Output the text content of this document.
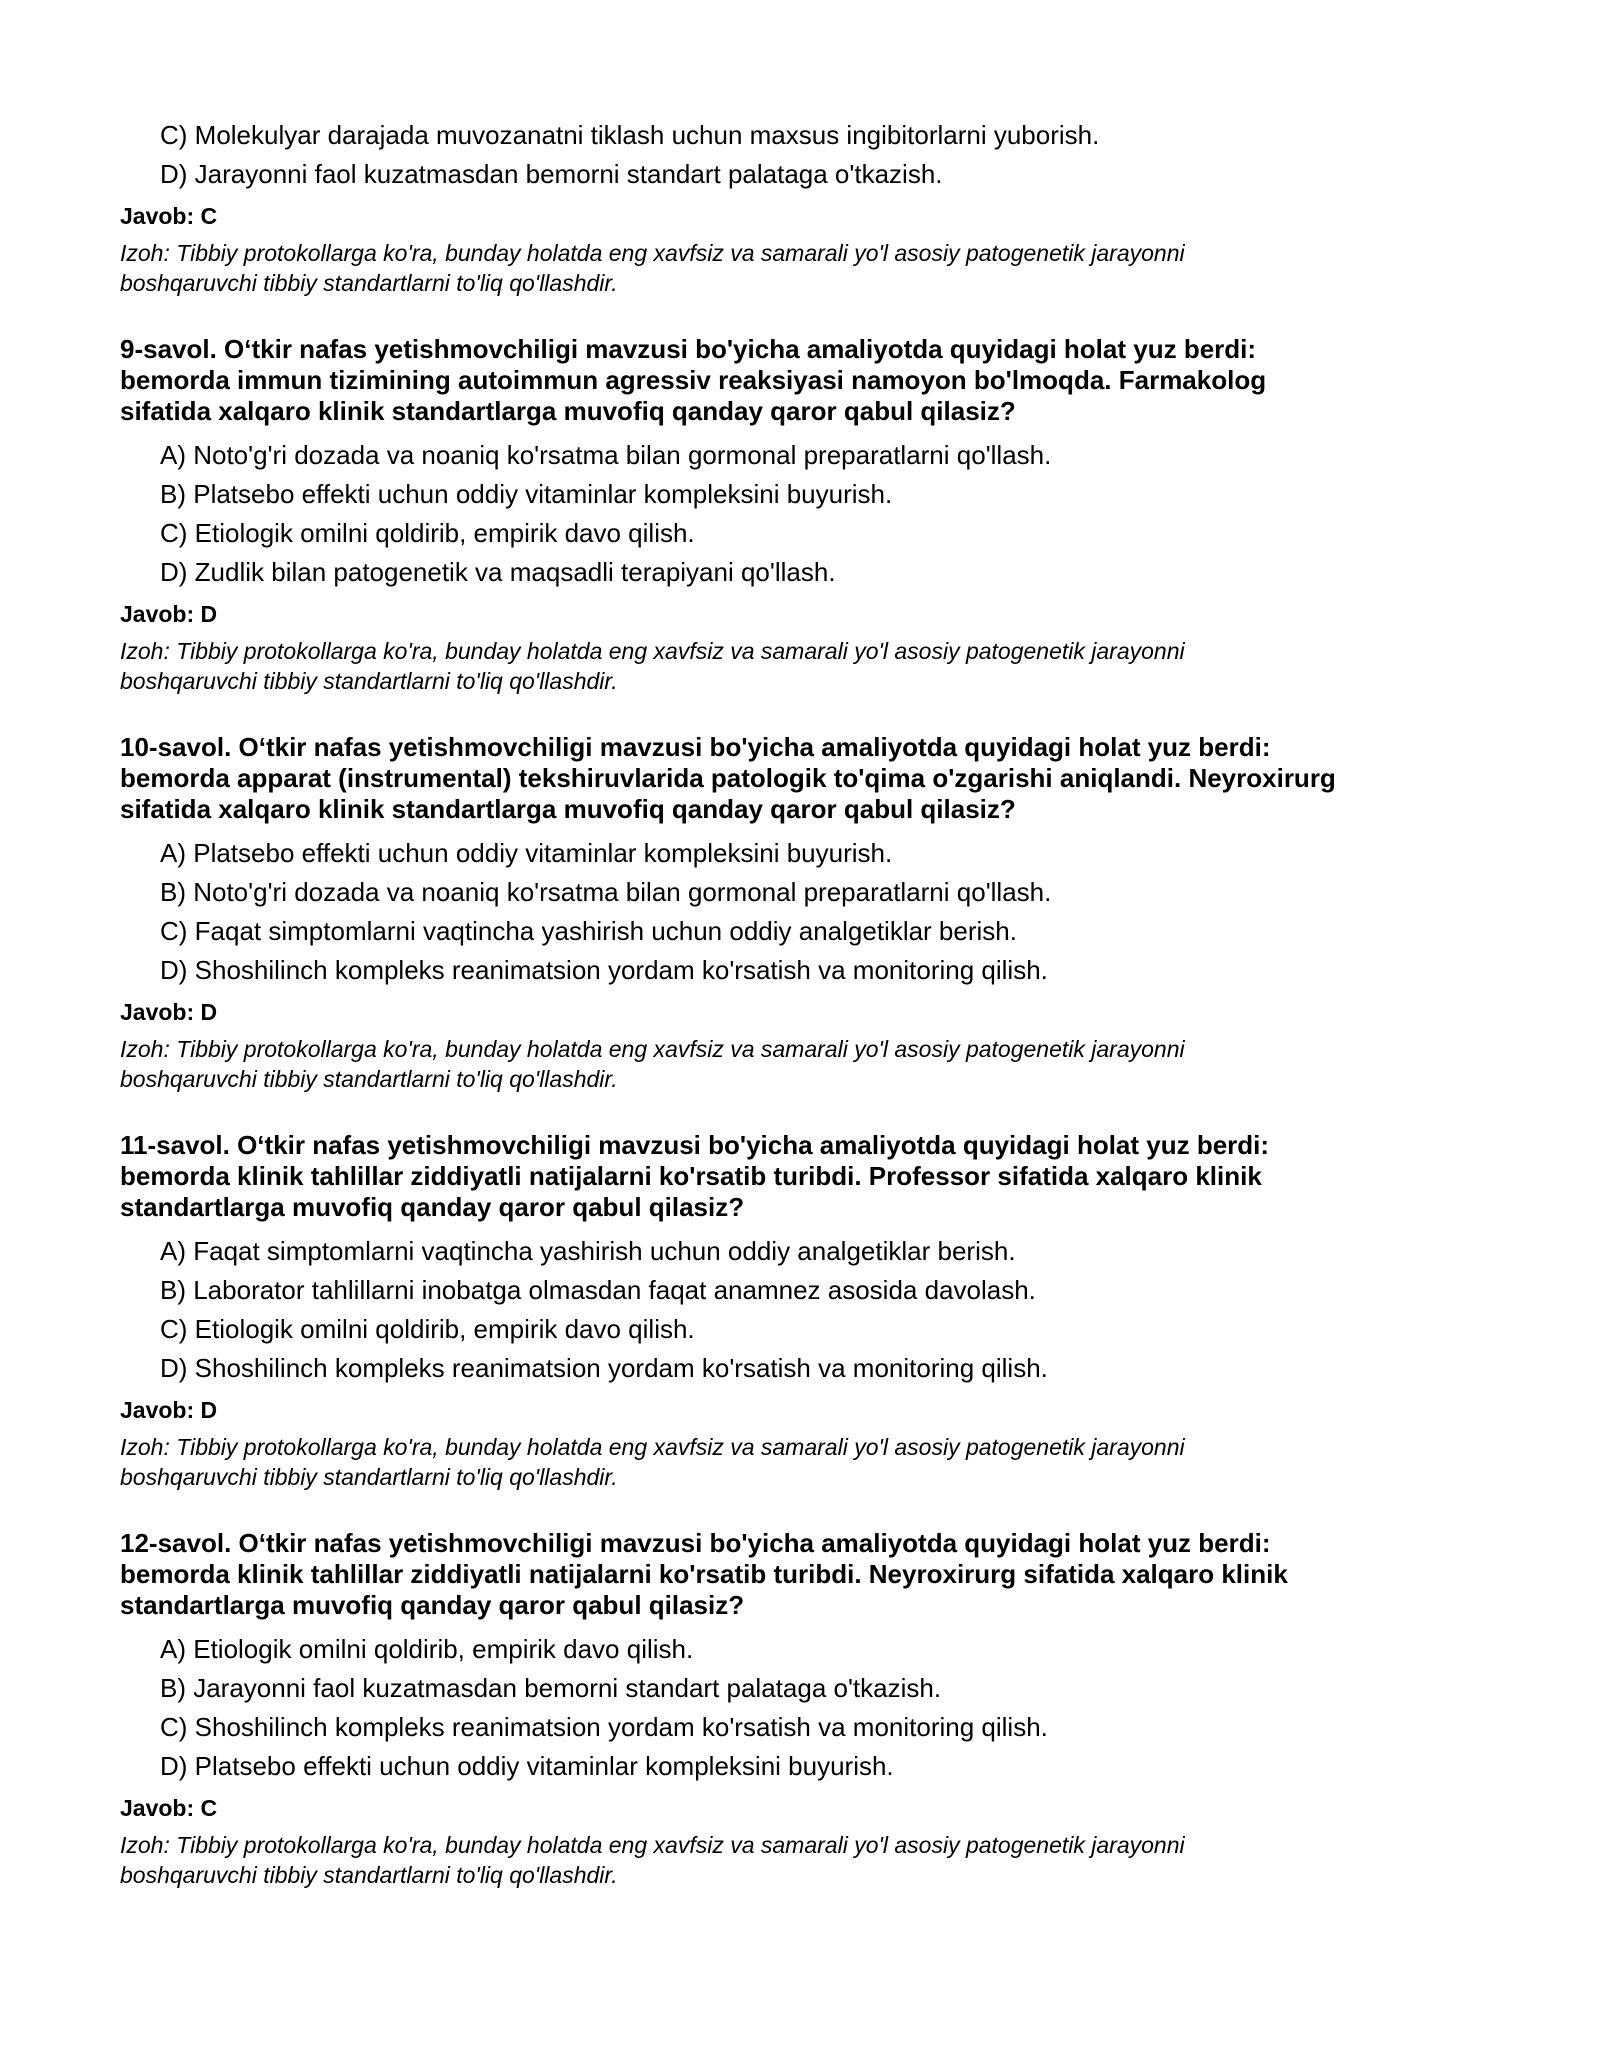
C) Molekulyar darajada muvozanatni tiklash uchun maxsus ingibitorlarni yuborish.
D) Jarayonni faol kuzatmasdan bemorni standart palataga o'tkazish.
Javob: C
Izoh: Tibbiy protokollarga ko'ra, bunday holatda eng xavfsiz va samarali yo'l asosiy patogenetik jarayonni
boshqaruvchi tibbiy standartlarni to'liq qo'llashdir.
9-savol. O‘tkir nafas yetishmovchiligi mavzusi bo'yicha amaliyotda quyidagi holat yuz berdi:
bemorda immun tizimining autoimmun agressiv reaksiyasi namoyon bo'lmoqda. Farmakolog
sifatida xalqaro klinik standartlarga muvofiq qanday qaror qabul qilasiz?
A) Noto'g'ri dozada va noaniq ko'rsatma bilan gormonal preparatlarni qo'llash.
B) Platsebo effekti uchun oddiy vitaminlar kompleksini buyurish.
C) Etiologik omilni qoldirib, empirik davo qilish.
D) Zudlik bilan patogenetik va maqsadli terapiyani qo'llash.
Javob: D
Izoh: Tibbiy protokollarga ko'ra, bunday holatda eng xavfsiz va samarali yo'l asosiy patogenetik jarayonni
boshqaruvchi tibbiy standartlarni to'liq qo'llashdir.
10-savol. O‘tkir nafas yetishmovchiligi mavzusi bo'yicha amaliyotda quyidagi holat yuz berdi:
bemorda apparat (instrumental) tekshiruvlarida patologik to'qima o'zgarishi aniqlandi. Neyroxirurg
sifatida xalqaro klinik standartlarga muvofiq qanday qaror qabul qilasiz?
A) Platsebo effekti uchun oddiy vitaminlar kompleksini buyurish.
B) Noto'g'ri dozada va noaniq ko'rsatma bilan gormonal preparatlarni qo'llash.
C) Faqat simptomlarni vaqtincha yashirish uchun oddiy analgetiklar berish.
D) Shoshilinch kompleks reanimatsion yordam ko'rsatish va monitoring qilish.
Javob: D
Izoh: Tibbiy protokollarga ko'ra, bunday holatda eng xavfsiz va samarali yo'l asosiy patogenetik jarayonni
boshqaruvchi tibbiy standartlarni to'liq qo'llashdir.
11-savol. O‘tkir nafas yetishmovchiligi mavzusi bo'yicha amaliyotda quyidagi holat yuz berdi:
bemorda klinik tahlillar ziddiyatli natijalarni ko'rsatib turibdi. Professor sifatida xalqaro klinik
standartlarga muvofiq qanday qaror qabul qilasiz?
A) Faqat simptomlarni vaqtincha yashirish uchun oddiy analgetiklar berish.
B) Laborator tahlillarni inobatga olmasdan faqat anamnez asosida davolash.
C) Etiologik omilni qoldirib, empirik davo qilish.
D) Shoshilinch kompleks reanimatsion yordam ko'rsatish va monitoring qilish.
Javob: D
Izoh: Tibbiy protokollarga ko'ra, bunday holatda eng xavfsiz va samarali yo'l asosiy patogenetik jarayonni
boshqaruvchi tibbiy standartlarni to'liq qo'llashdir.
12-savol. O‘tkir nafas yetishmovchiligi mavzusi bo'yicha amaliyotda quyidagi holat yuz berdi:
bemorda klinik tahlillar ziddiyatli natijalarni ko'rsatib turibdi. Neyroxirurg sifatida xalqaro klinik
standartlarga muvofiq qanday qaror qabul qilasiz?
A) Etiologik omilni qoldirib, empirik davo qilish.
B) Jarayonni faol kuzatmasdan bemorni standart palataga o'tkazish.
C) Shoshilinch kompleks reanimatsion yordam ko'rsatish va monitoring qilish.
D) Platsebo effekti uchun oddiy vitaminlar kompleksini buyurish.
Javob: C
Izoh: Tibbiy protokollarga ko'ra, bunday holatda eng xavfsiz va samarali yo'l asosiy patogenetik jarayonni
boshqaruvchi tibbiy standartlarni to'liq qo'llashdir.
